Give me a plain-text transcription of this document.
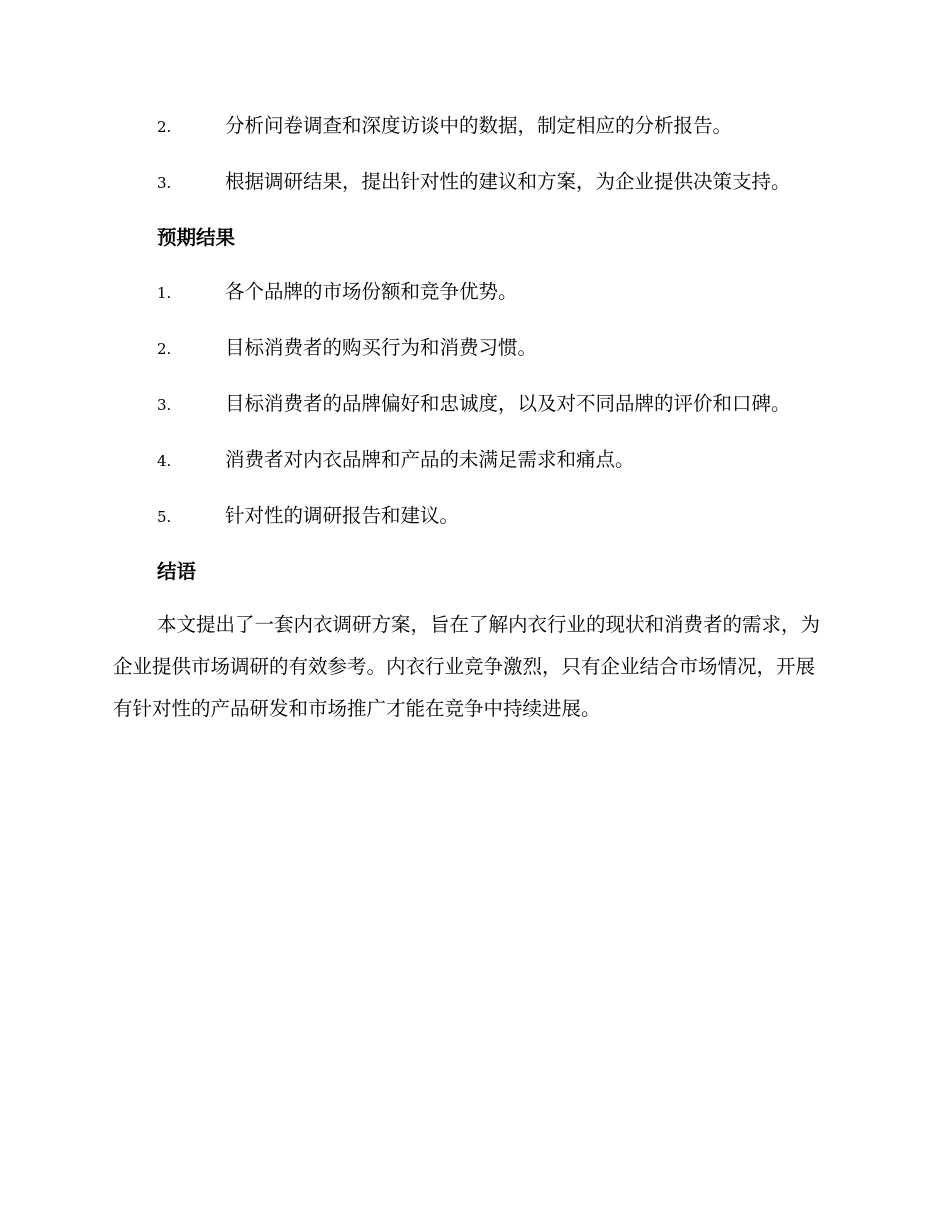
2.	分析问卷调查和深度访谈中的数据，制定相应的分析报告。

3.	根据调研结果，提出针对性的建议和方案，为企业提供决策支持。

预期结果

1.	各个品牌的市场份额和竞争优势。

2.	目标消费者的购买行为和消费习惯。

3.	目标消费者的品牌偏好和忠诚度，以及对不同品牌的评价和口碑。

4.	消费者对内衣品牌和产品的未满足需求和痛点。

5.	针对性的调研报告和建议。

结语

本文提出了一套内衣调研方案，旨在了解内衣行业的现状和消费者的需求，为企业提供市场调研的有效参考。内衣行业竞争激烈，只有企业结合市场情况，开展有针对性的产品研发和市场推广才能在竞争中持续进展。
